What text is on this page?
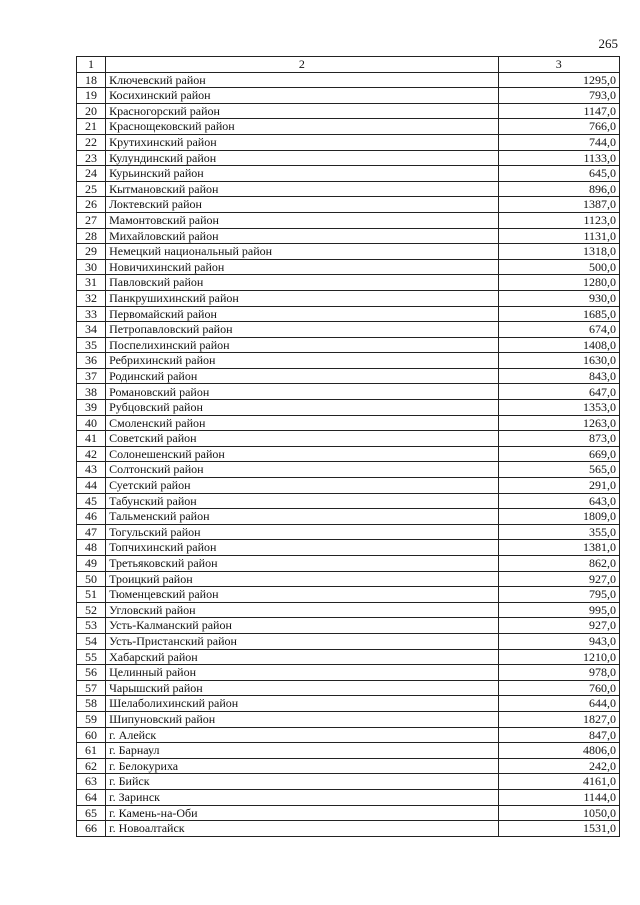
265
1	2	3
18	Ключевский район	1295,0
19	Косихинский район	793,0
20	Красногорский район	1147,0
21	Краснощековский район	766,0
22	Крутихинский район	744,0
23	Кулундинский район	1133,0
24	Курьинский район	645,0
25	Кытмановский район	896,0
26	Локтевский район	1387,0
27	Мамонтовский район	1123,0
28	Михайловский район	1131,0
29	Немецкий национальный район	1318,0
30	Новичихинский район	500,0
31	Павловский район	1280,0
32	Панкрушихинский район	930,0
33	Первомайский район	1685,0
34	Петропавловский район	674,0
35	Поспелихинский район	1408,0
36	Ребрихинский район	1630,0
37	Родинский район	843,0
38	Романовский район	647,0
39	Рубцовский район	1353,0
40	Смоленский район	1263,0
41	Советский район	873,0
42	Солонешенский район	669,0
43	Солтонский район	565,0
44	Суетский район	291,0
45	Табунский район	643,0
46	Тальменский район	1809,0
47	Тогульский район	355,0
48	Топчихинский район	1381,0
49	Третьяковский район	862,0
50	Троицкий район	927,0
51	Тюменцевский район	795,0
52	Угловский район	995,0
53	Усть-Калманский район	927,0
54	Усть-Пристанский район	943,0
55	Хабарский район	1210,0
56	Целинный район	978,0
57	Чарышский район	760,0
58	Шелаболихинский район	644,0
59	Шипуновский район	1827,0
60	г. Алейск	847,0
61	г. Барнаул	4806,0
62	г. Белокуриха	242,0
63	г. Бийск	4161,0
64	г. Заринск	1144,0
65	г. Камень-на-Оби	1050,0
66	г. Новоалтайск	1531,0
